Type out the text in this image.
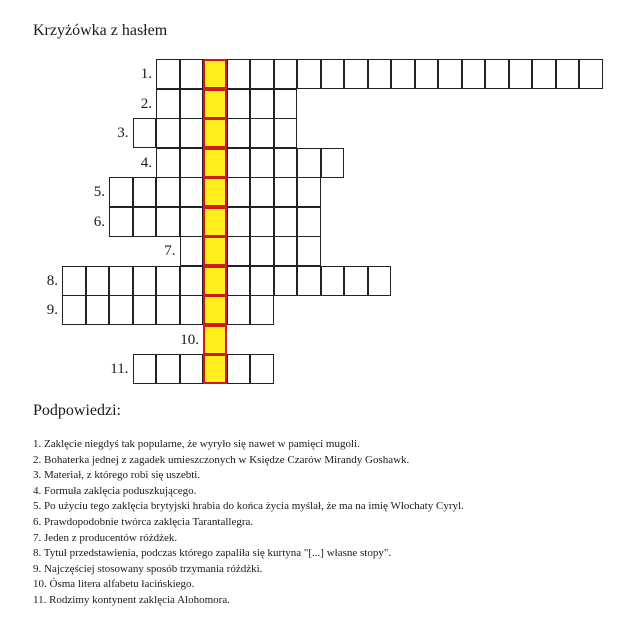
Krzyżówka z hasłem
1.
2.
3.
4.
5.
6.
7.
8.
9.
10.
11.
Podpowiedzi:
1. Zaklęcie niegdyś tak popularne, że wyryło się nawet w pamięci mugoli.
2. Bohaterka jednej z zagadek umieszczonych w Księdze Czarów Mirandy Goshawk.
3. Materiał, z którego robi się uszebti.
4. Formuła zaklęcia poduszkującego.
5. Po użyciu tego zaklęcia brytyjski hrabia do końca życia myślał, że ma na imię Włochaty Cyryl.
6. Prawdopodobnie twórca zaklęcia Tarantallegra.
7. Jeden z producentów różdżek.
8. Tytuł przedstawienia, podczas którego zapaliła się kurtyna "[...] własne stopy".
9. Najczęściej stosowany sposób trzymania różdżki.
10. Ósma litera alfabetu łacińskiego.
11. Rodzimy kontynent zaklęcia Alohomora.
